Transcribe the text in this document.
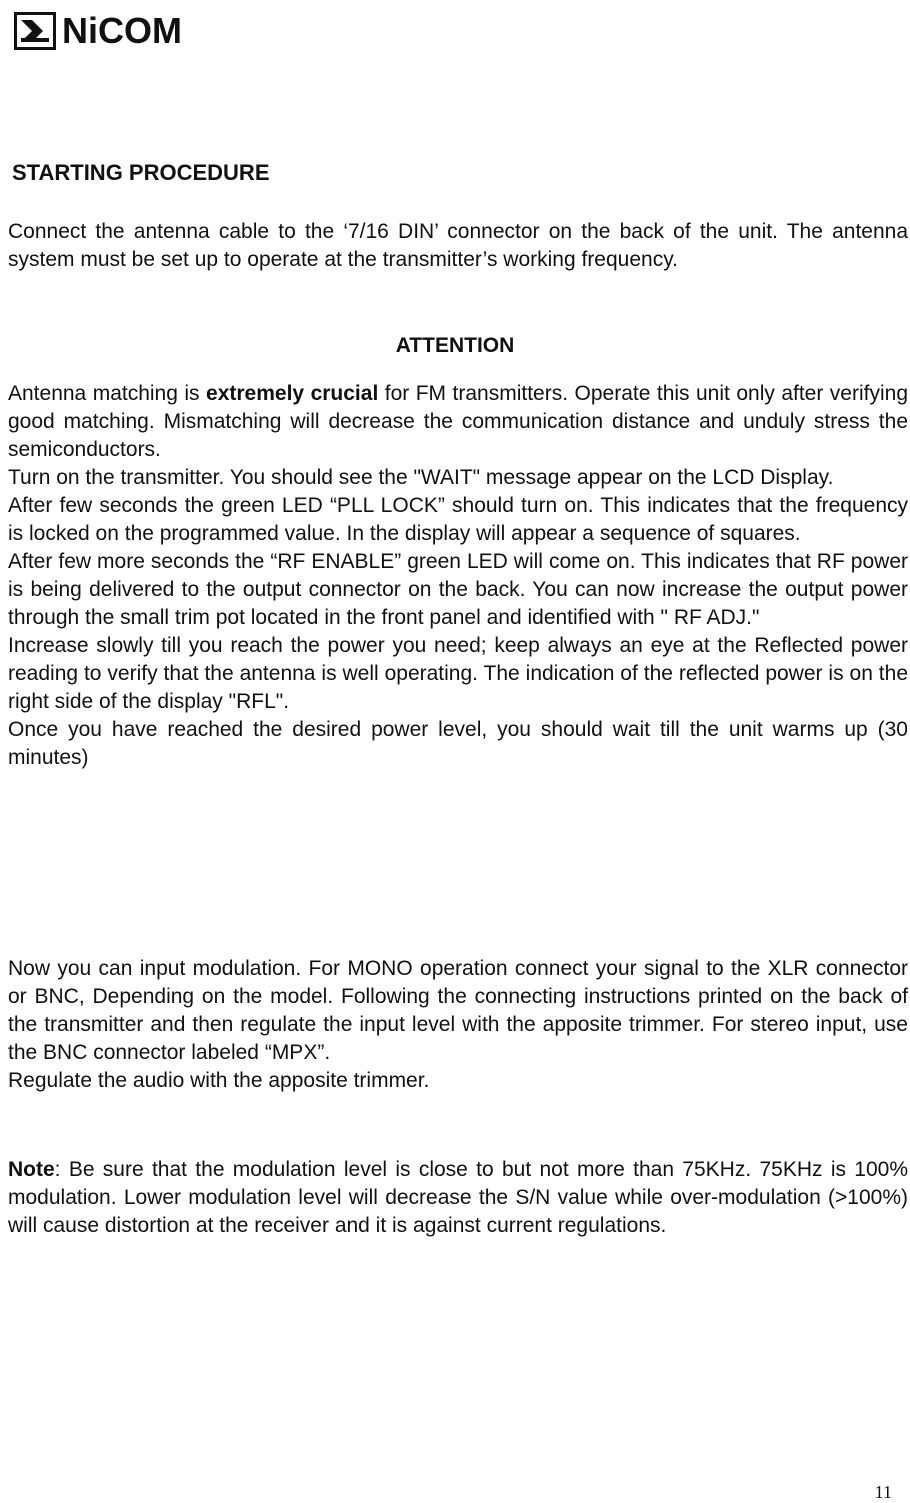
NiCOM
STARTING PROCEDURE

Connect the antenna cable to the ‘7/16 DIN’ connector on the back of the unit. The antenna system must be set up to operate at the transmitter’s working frequency.

ATTENTION

Antenna matching is extremely crucial for FM transmitters. Operate this unit only after verifying good matching. Mismatching will decrease the communication distance and unduly stress the semiconductors.

Turn on the transmitter. You should see the "WAIT" message appear on the LCD Display.

After few seconds the green LED “PLL LOCK” should turn on. This indicates that the frequency is locked on the programmed value. In the display will appear a sequence of squares.

After few more seconds the “RF ENABLE” green LED will come on. This indicates that RF power is being delivered to the output connector on the back. You can now increase the output power through the small trim pot located in the front panel and identified with " RF ADJ."

Increase slowly till you reach the power you need; keep always an eye at the Reflected power reading to verify that the antenna is well operating. The indication of the reflected power is on the right side of the display "RFL".

Once you have reached the desired power level, you should wait till the unit warms up (30 minutes)

Now you can input modulation. For MONO operation connect your signal to the XLR connector or BNC, Depending on the model. Following the connecting instructions printed on the back of the transmitter and then regulate the input level with the apposite trimmer. For stereo input, use the BNC connector labeled “MPX”.

Regulate the audio with the apposite trimmer.

Note: Be sure that the modulation level is close to but not more than 75KHz. 75KHz is 100% modulation. Lower modulation level will decrease the S/N value while over-modulation (>100%) will cause distortion at the receiver and it is against current regulations.

11
